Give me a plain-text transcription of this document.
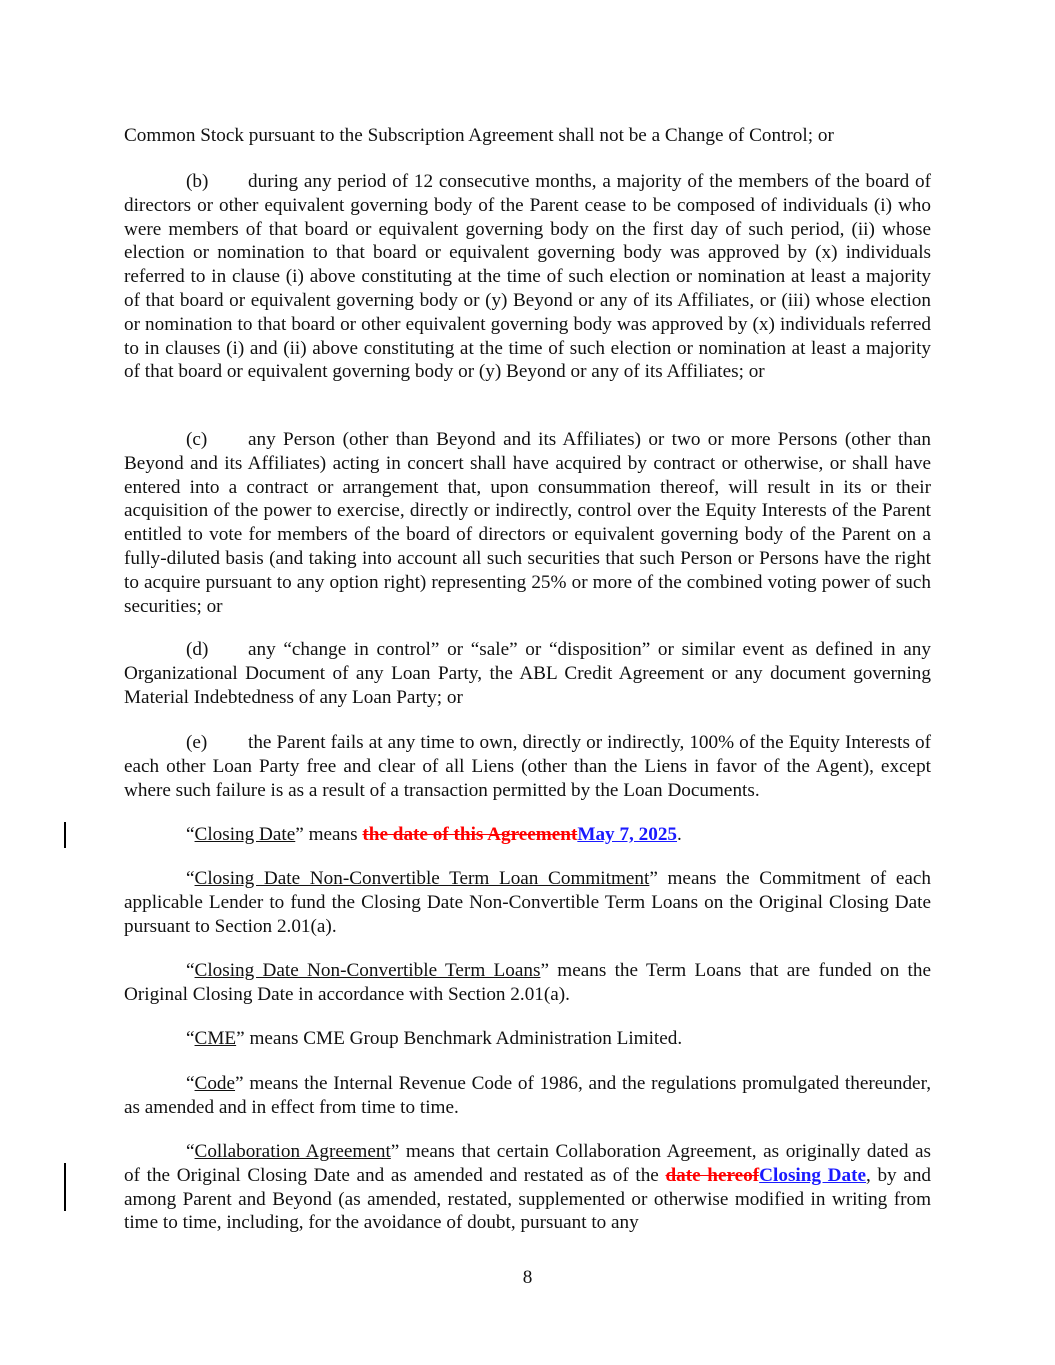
Common Stock pursuant to the Subscription Agreement shall not be a Change of Control; or

(b) during any period of 12 consecutive months, a majority of the members of the board of directors or other equivalent governing body of the Parent cease to be composed of individuals (i) who were members of that board or equivalent governing body on the first day of such period, (ii) whose election or nomination to that board or equivalent governing body was approved by (x) individuals referred to in clause (i) above constituting at the time of such election or nomination at least a majority of that board or equivalent governing body or (y) Beyond or any of its Affiliates, or (iii) whose election or nomination to that board or other equivalent governing body was approved by (x) individuals referred to in clauses (i) and (ii) above constituting at the time of such election or nomination at least a majority of that board or equivalent governing body or (y) Beyond or any of its Affiliates; or

(c) any Person (other than Beyond and its Affiliates) or two or more Persons (other than Beyond and its Affiliates) acting in concert shall have acquired by contract or otherwise, or shall have entered into a contract or arrangement that, upon consummation thereof, will result in its or their acquisition of the power to exercise, directly or indirectly, control over the Equity Interests of the Parent entitled to vote for members of the board of directors or equivalent governing body of the Parent on a fully-diluted basis (and taking into account all such securities that such Person or Persons have the right to acquire pursuant to any option right) representing 25% or more of the combined voting power of such securities; or

(d) any “change in control” or “sale” or “disposition” or similar event as defined in any Organizational Document of any Loan Party, the ABL Credit Agreement or any document governing Material Indebtedness of any Loan Party; or

(e) the Parent fails at any time to own, directly or indirectly, 100% of the Equity Interests of each other Loan Party free and clear of all Liens (other than the Liens in favor of the Agent), except where such failure is as a result of a transaction permitted by the Loan Documents.

“Closing Date” means the date of this AgreementMay 7, 2025.

“Closing Date Non-Convertible Term Loan Commitment” means the Commitment of each applicable Lender to fund the Closing Date Non-Convertible Term Loans on the Original Closing Date pursuant to Section 2.01(a).

“Closing Date Non-Convertible Term Loans” means the Term Loans that are funded on the Original Closing Date in accordance with Section 2.01(a).

“CME” means CME Group Benchmark Administration Limited.

“Code” means the Internal Revenue Code of 1986, and the regulations promulgated thereunder, as amended and in effect from time to time.

“Collaboration Agreement” means that certain Collaboration Agreement, as originally dated as of the Original Closing Date and as amended and restated as of the date hereofClosing Date, by and among Parent and Beyond (as amended, restated, supplemented or otherwise modified in writing from time to time, including, for the avoidance of doubt, pursuant to any

8
